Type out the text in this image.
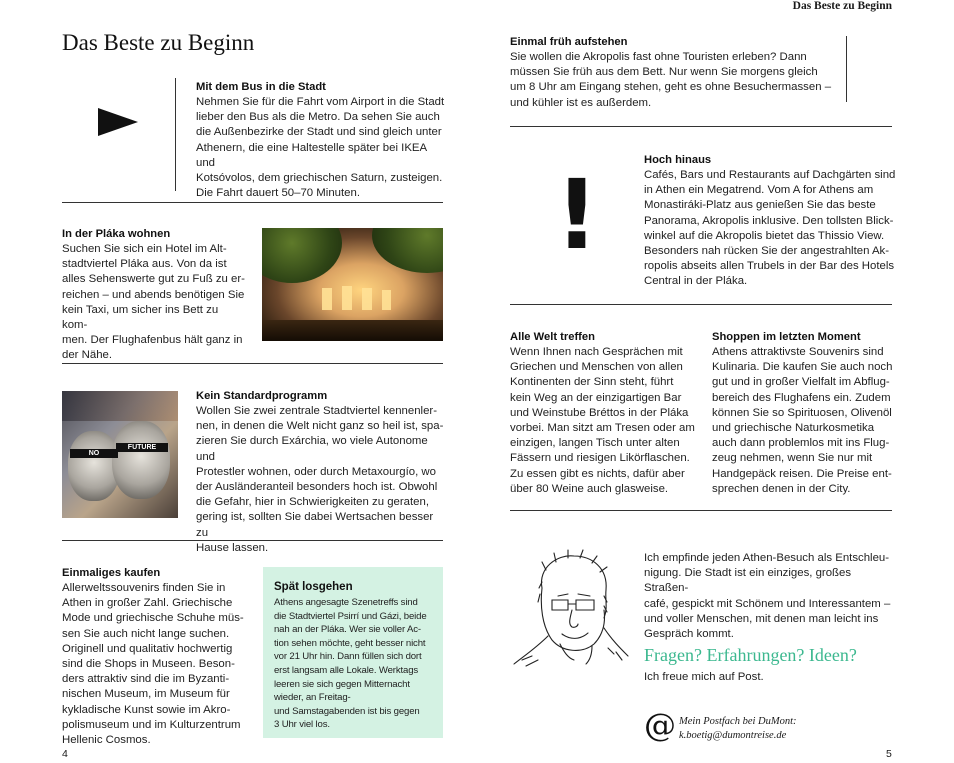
Das Beste zu Beginn
Das Beste zu Beginn
Mit dem Bus in die Stadt
Nehmen Sie für die Fahrt vom Airport in die Stadt
lieber den Bus als die Metro. Da sehen Sie auch
die Außenbezirke der Stadt und sind gleich unter
Athenern, die eine Haltestelle später bei IKEA und
Kotsóvolos, dem griechischen Saturn, zusteigen.
Die Fahrt dauert 50–70 Minuten.
In der Pláka wohnen
Suchen Sie sich ein Hotel im Alt-
stadtviertel Pláka aus. Von da ist
alles Sehenswerte gut zu Fuß zu er-
reichen – und abends benötigen Sie
kein Taxi, um sicher ins Bett zu kom-
men. Der Flughafenbus hält ganz in
der Nähe.
NO
FUTURE
Kein Standardprogramm
Wollen Sie zwei zentrale Stadtviertel kennenler-
nen, in denen die Welt nicht ganz so heil ist, spa-
zieren Sie durch Exárchia, wo viele Autonome und
Protestler wohnen, oder durch Metaxourgío, wo
der Ausländeranteil besonders hoch ist. Obwohl
die Gefahr, hier in Schwierigkeiten zu geraten,
gering ist, sollten Sie dabei Wertsachen besser zu
Hause lassen.
Einmaliges kaufen
Allerweltssouvenirs finden Sie in
Athen in großer Zahl. Griechische
Mode und griechische Schuhe müs-
sen Sie auch nicht lange suchen.
Originell und qualitativ hochwertig
sind die Shops in Museen. Beson-
ders attraktiv sind die im Byzanti-
nischen Museum, im Museum für
kykladische Kunst sowie im Akro-
polismuseum und im Kulturzentrum
Hellenic Cosmos.
Spät losgehen
Athens angesagte Szenetreffs sind
die Stadtviertel Psirrí und Gázi, beide
nah an der Pláka. Wer sie voller Ac-
tion sehen möchte, geht besser nicht
vor 21 Uhr hin. Dann füllen sich dort
erst langsam alle Lokale. Werktags
leeren sie sich gegen Mitternacht
wieder, an Freitag-
und Samstagabenden ist bis gegen
3 Uhr viel los.
4
Einmal früh aufstehen
Sie wollen die Akropolis fast ohne Touristen erleben? Dann
müssen Sie früh aus dem Bett. Nur wenn Sie morgens gleich
um 8 Uhr am Eingang stehen, geht es ohne Besuchermassen –
und kühler ist es außerdem.
!	Hoch hinaus
Cafés, Bars und Restaurants auf Dachgärten sind
in Athen ein Megatrend. Vom A for Athens am
Monastiráki-Platz aus genießen Sie das beste
Panorama, Akropolis inklusive. Den tollsten Blick-
winkel auf die Akropolis bietet das Thissio View.
Besonders nah rücken Sie der angestrahlten Ak-
ropolis abseits allen Trubels in der Bar des Hotels
Central in der Pláka.
Alle Welt treffen
Wenn Ihnen nach Gesprächen mit
Griechen und Menschen von allen
Kontinenten der Sinn steht, führt
kein Weg an der einzigartigen Bar
und Weinstube Bréttos in der Pláka
vorbei. Man sitzt am Tresen oder am
einzigen, langen Tisch unter alten
Fässern und riesigen Likörflaschen.
Zu essen gibt es nichts, dafür aber
über 80 Weine auch glasweise.
Shoppen im letzten Moment
Athens attraktivste Souvenirs sind
Kulinaria. Die kaufen Sie auch noch
gut und in großer Vielfalt im Abflug-
bereich des Flughafens ein. Zudem
können Sie so Spirituosen, Olivenöl
und griechische Naturkosmetika
auch dann problemlos mit ins Flug-
zeug nehmen, wenn Sie nur mit
Handgepäck reisen. Die Preise ent-
sprechen denen in der City.
Ich empfinde jeden Athen-Besuch als Entschleu-
nigung. Die Stadt ist ein einziges, großes Straßen-
café, gespickt mit Schönem und Interessantem –
und voller Menschen, mit denen man leicht ins
Gespräch kommt.
Fragen? Erfahrungen? Ideen?
Ich freue mich auf Post.
@ Mein Postfach bei DuMont:
k.boetig@dumontreise.de
5
